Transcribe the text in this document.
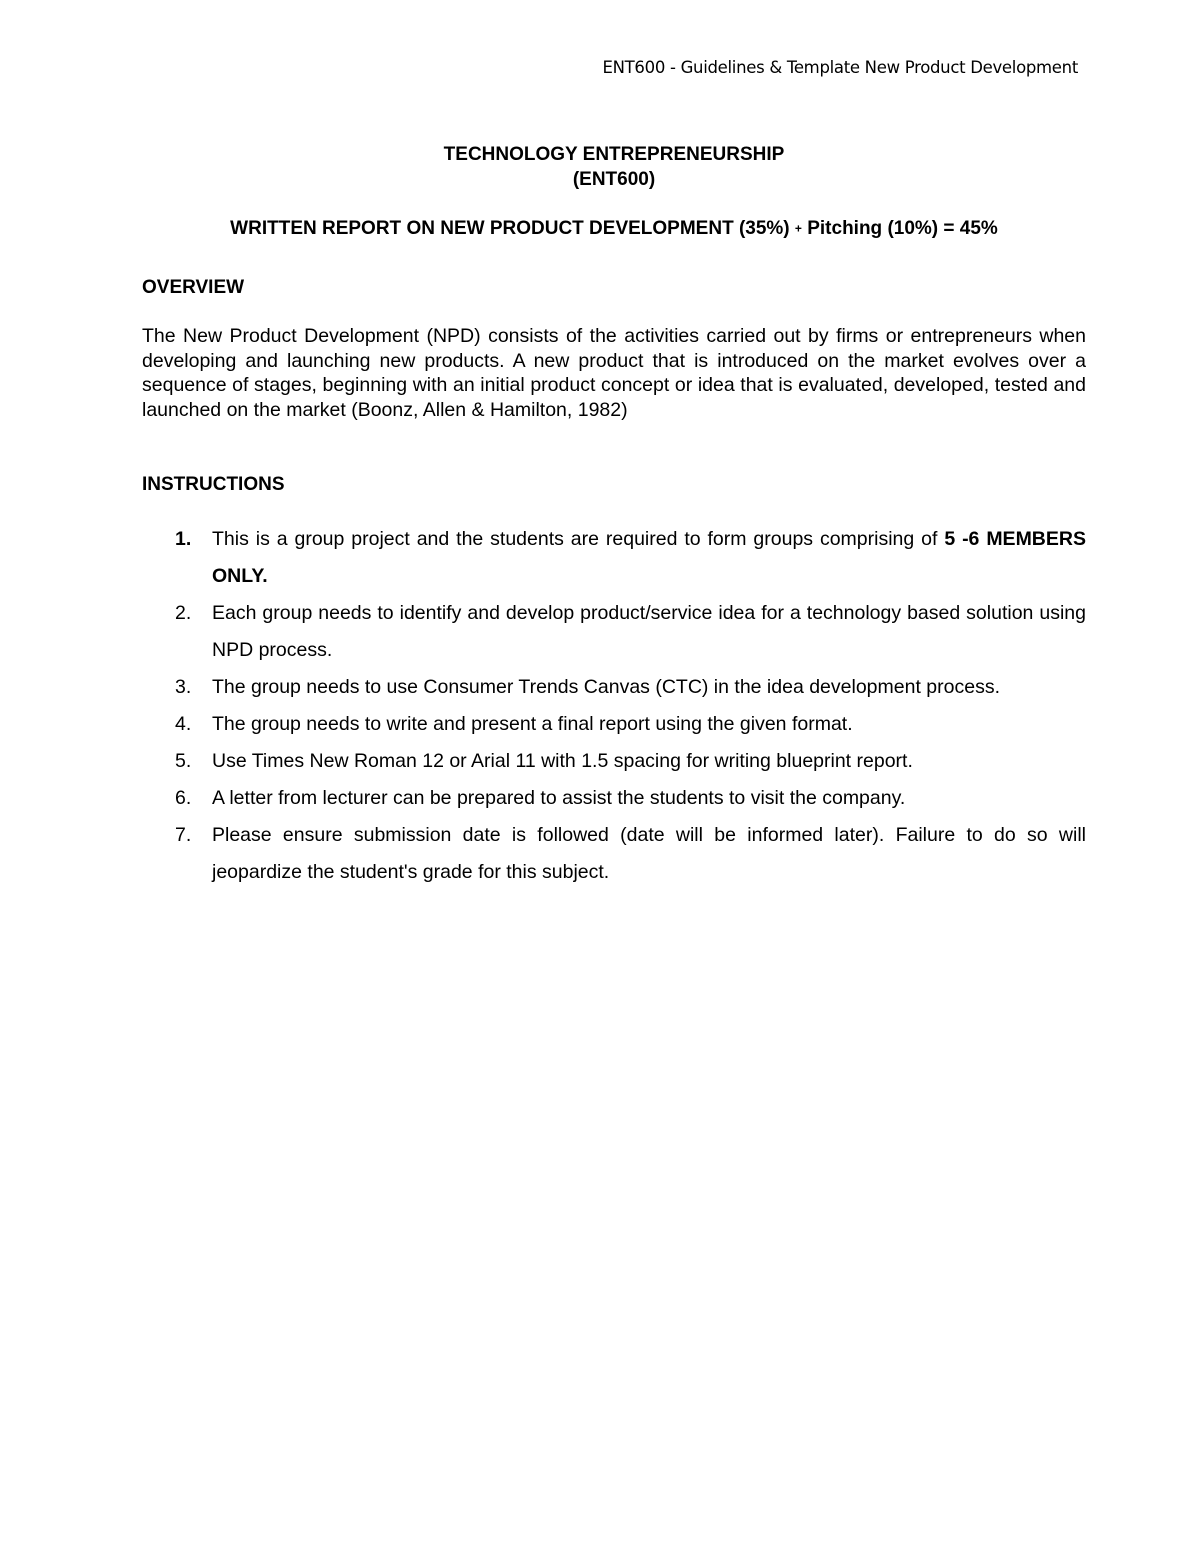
ENT600 - Guidelines & Template New Product Development

TECHNOLOGY ENTREPRENEURSHIP

(ENT600)

WRITTEN REPORT ON NEW PRODUCT DEVELOPMENT (35%) + Pitching (10%) = 45%

OVERVIEW

The New Product Development (NPD) consists of the activities carried out by firms or entrepreneurs when developing and launching new products. A new product that is introduced on the market evolves over a sequence of stages, beginning with an initial product concept or idea that is evaluated, developed, tested and launched on the market (Boonz, Allen & Hamilton, 1982)

INSTRUCTIONS

1.	This is a group project and the students are required to form groups comprising of 5 -6 MEMBERS ONLY.
2.	Each group needs to identify and develop product/service idea for a technology based solution using NPD process.
3.	The group needs to use Consumer Trends Canvas (CTC) in the idea development process.
4.	The group needs to write and present a final report using the given format.
5.	Use Times New Roman 12 or Arial 11 with 1.5 spacing for writing blueprint report.
6.	A letter from lecturer can be prepared to assist the students to visit the company.
7.	Please ensure submission date is followed (date will be informed later). Failure to do so will jeopardize the student's grade for this subject.
